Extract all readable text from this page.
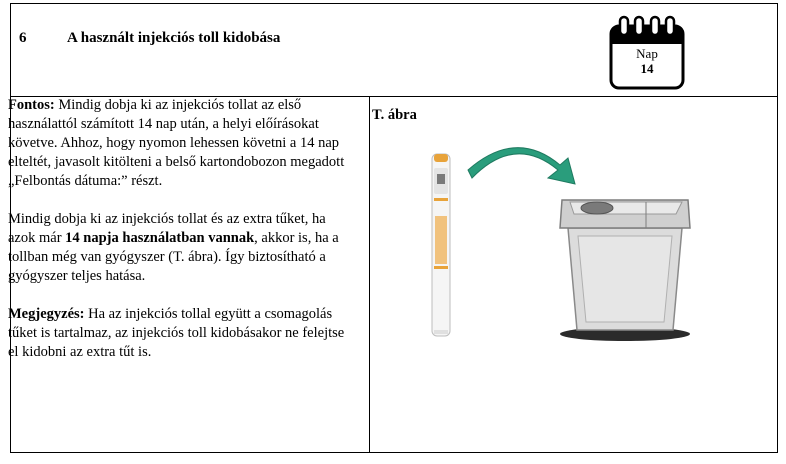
6	A használt injekciós toll kidobása
Nap
14

Fontos: Mindig dobja ki az injekciós tollat az első használattól számított 14 nap után, a helyi előírásokat követve. Ahhoz, hogy nyomon lehessen követni a 14 nap elteltét, javasolt kitölteni a belső kartondobozon megadott „Felbontás dátuma:” részt.

Mindig dobja ki az injekciós tollat és az extra tűket, ha azok már 14 napja használatban vannak, akkor is, ha a tollban még van gyógyszer (T. ábra). Így biztosítható a gyógyszer teljes hatása.

Megjegyzés: Ha az injekciós tollal együtt a csomagolás tűket is tartalmaz, az injekciós toll kidobásakor ne felejtse el kidobni az extra tűt is.

T. ábra
